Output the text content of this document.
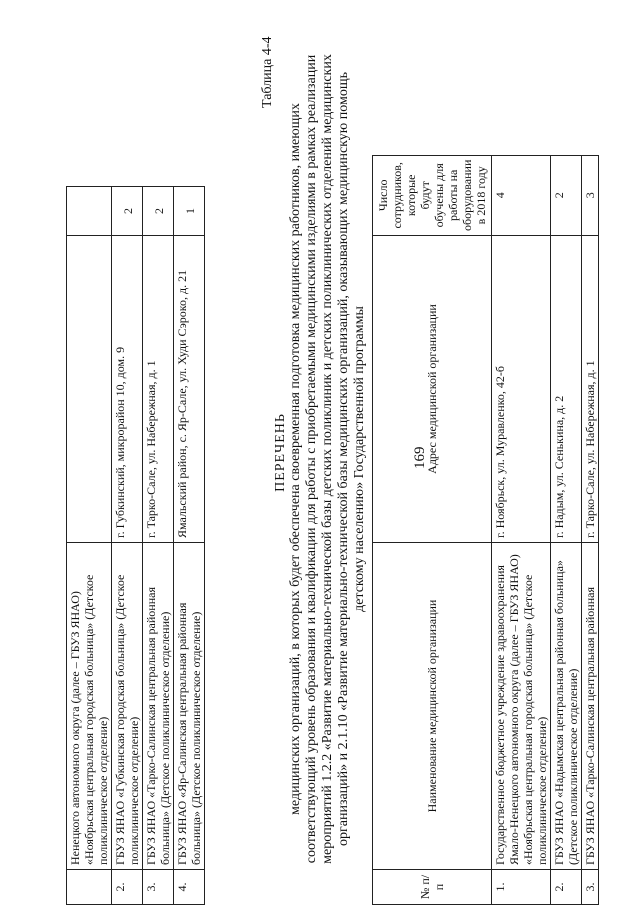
169
	Ненецкого автономного округа (далее – ГБУЗ ЯНАО) «Ноябрьская центральная городская больница» (Детское поликлиническое отделение)		
2.	ГБУЗ ЯНАО «Губкинская городская больница» (Детское поликлиническое отделение)	г. Губкинский, микрорайон 10, дом. 9	2
3.	ГБУЗ ЯНАО «Тарко-Салинская центральная районная больница» (Детское поликлиническое отделение)	г. Тарко-Сале, ул. Набережная, д. 1	2
4.	ГБУЗ ЯНАО «Яр-Салинская центральная районная больница» (Детское поликлиническое отделение)	Ямальский район, с. Яр-Сале, ул. Худи Сэроко, д. 21	1
Таблица 4-4
ПЕРЕЧЕНЬ медицинских организаций, в которых будет обеспечена своевременная подготовка медицинских работников, имеющих соответствующий уровень образования и квалификации для работы с приобретаемыми медицинскими изделиями в рамках реализации мероприятий 1.2.2 «Развитие материально-технической базы детских поликлиник и детских поликлинических отделений медицинских организаций» и 2.1.10 «Развитие материально-технической базы медицинских организаций, оказывающих медицинскую помощь детскому населению» Государственной программы
№ п/п	Наименование медицинской организации	Адрес медицинской организации	Число сотрудников, которые будут обучены для работы на оборудовании в 2018 году
1.	Государственное бюджетное учреждение здравоохранения Ямало-Ненецкого автономного округа (далее – ГБУЗ ЯНАО) «Ноябрьская центральная городская больница» (Детское поликлиническое отделение)	г. Ноябрьск, ул. Муравленко, 42-б	4
2.	ГБУЗ ЯНАО «Надымская центральная районная больница» (Детское поликлиническое отделение)	г. Надым, ул. Сенькина, д. 2	2
3.	ГБУЗ ЯНАО «Тарко-Салинская центральная районная	г. Тарко-Сале, ул. Набережная, д. 1	3
